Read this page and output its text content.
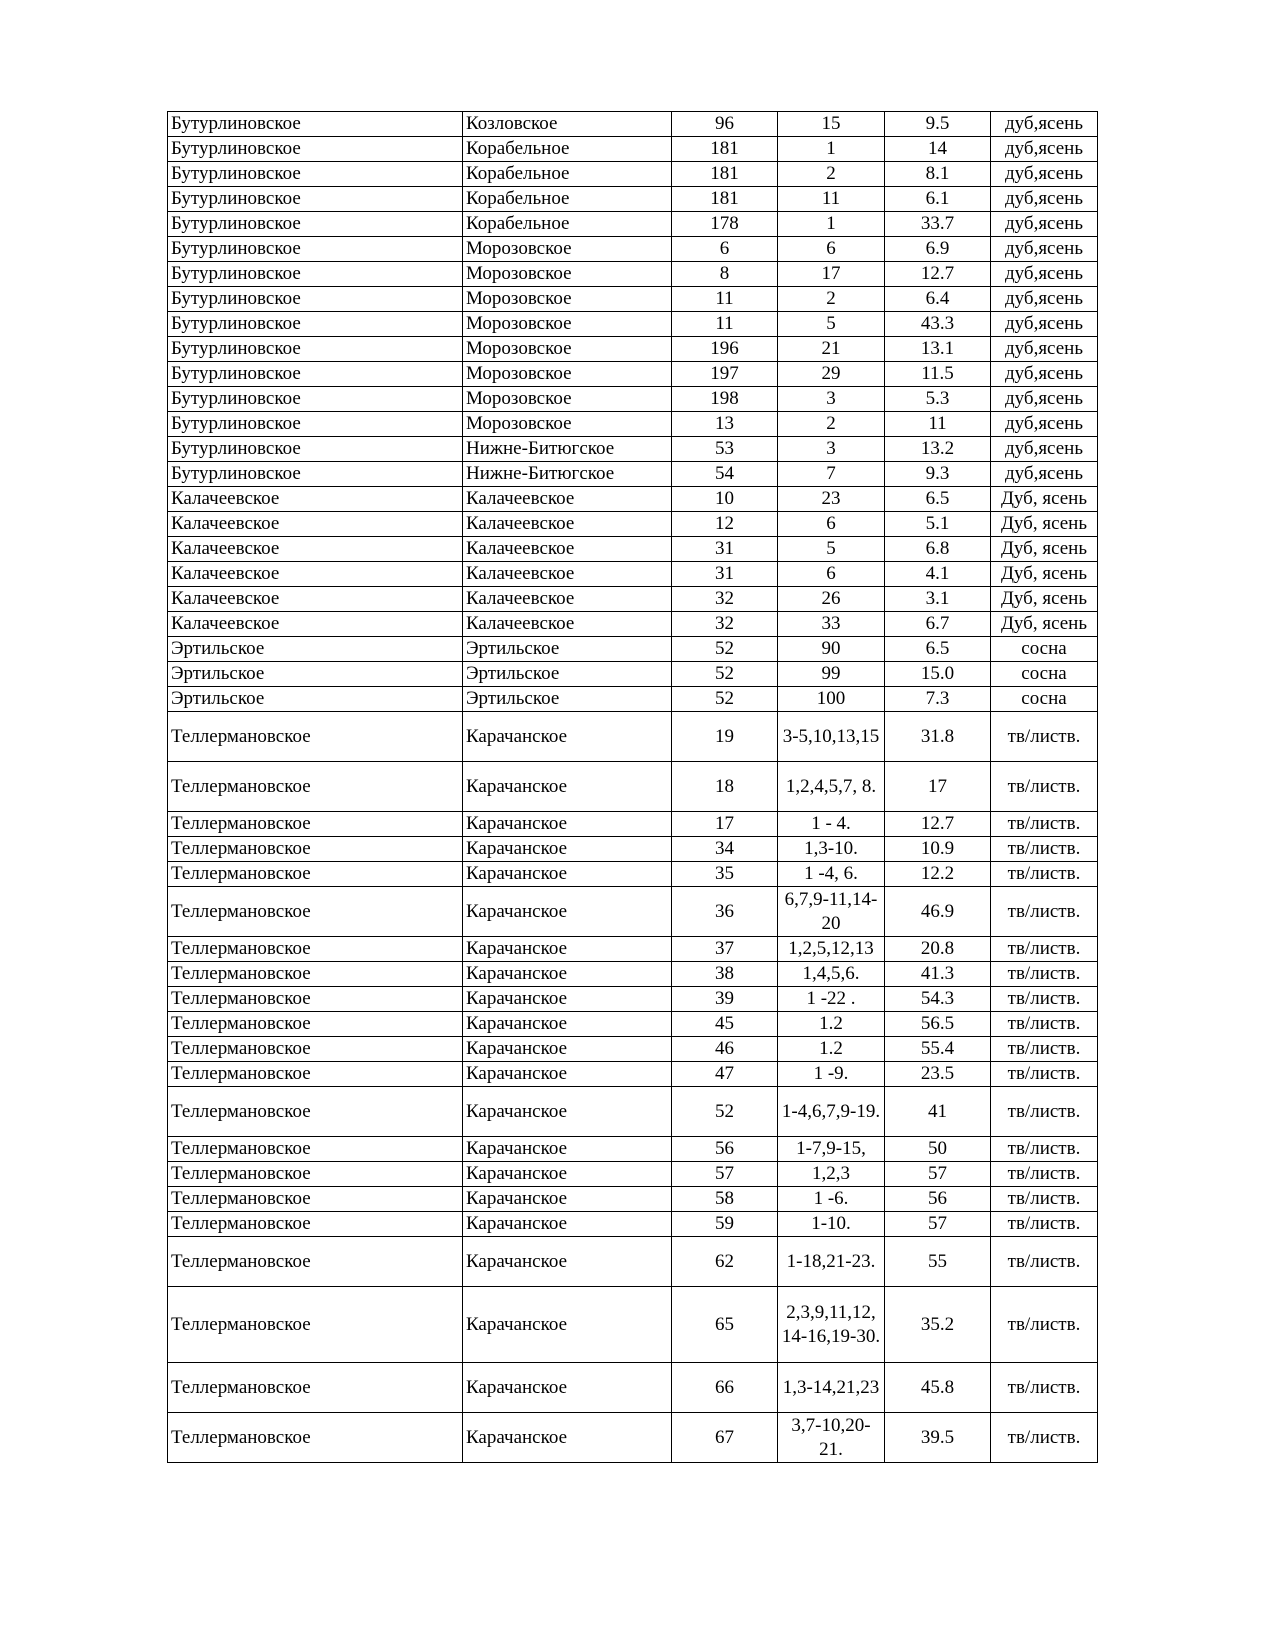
Бутурлиновское	Козловское	96	15	9.5	дуб,ясень
Бутурлиновское	Корабельное	181	1	14	дуб,ясень
Бутурлиновское	Корабельное	181	2	8.1	дуб,ясень
Бутурлиновское	Корабельное	181	11	6.1	дуб,ясень
Бутурлиновское	Корабельное	178	1	33.7	дуб,ясень
Бутурлиновское	Морозовское	6	6	6.9	дуб,ясень
Бутурлиновское	Морозовское	8	17	12.7	дуб,ясень
Бутурлиновское	Морозовское	11	2	6.4	дуб,ясень
Бутурлиновское	Морозовское	11	5	43.3	дуб,ясень
Бутурлиновское	Морозовское	196	21	13.1	дуб,ясень
Бутурлиновское	Морозовское	197	29	11.5	дуб,ясень
Бутурлиновское	Морозовское	198	3	5.3	дуб,ясень
Бутурлиновское	Морозовское	13	2	11	дуб,ясень
Бутурлиновское	Нижне-Битюгское	53	3	13.2	дуб,ясень
Бутурлиновское	Нижне-Битюгское	54	7	9.3	дуб,ясень
Калачеевское	Калачеевское	10	23	6.5	Дуб, ясень
Калачеевское	Калачеевское	12	6	5.1	Дуб, ясень
Калачеевское	Калачеевское	31	5	6.8	Дуб, ясень
Калачеевское	Калачеевское	31	6	4.1	Дуб, ясень
Калачеевское	Калачеевское	32	26	3.1	Дуб, ясень
Калачеевское	Калачеевское	32	33	6.7	Дуб, ясень
Эртильское	Эртильское	52	90	6.5	сосна
Эртильское	Эртильское	52	99	15.0	сосна
Эртильское	Эртильское	52	100	7.3	сосна
Теллермановское	Карачанское	19	3-5,10,13,15	31.8	тв/листв.
Теллермановское	Карачанское	18	1,2,4,5,7, 8.	17	тв/листв.
Теллермановское	Карачанское	17	1 - 4.	12.7	тв/листв.
Теллермановское	Карачанское	34	1,3-10.	10.9	тв/листв.
Теллермановское	Карачанское	35	1 -4, 6.	12.2	тв/листв.
Теллермановское	Карачанское	36	6,7,9-11,14-20	46.9	тв/листв.
Теллермановское	Карачанское	37	1,2,5,12,13	20.8	тв/листв.
Теллермановское	Карачанское	38	1,4,5,6.	41.3	тв/листв.
Теллермановское	Карачанское	39	1 -22 .	54.3	тв/листв.
Теллермановское	Карачанское	45	1.2	56.5	тв/листв.
Теллермановское	Карачанское	46	1.2	55.4	тв/листв.
Теллермановское	Карачанское	47	1 -9.	23.5	тв/листв.
Теллермановское	Карачанское	52	1-4,6,7,9-19.	41	тв/листв.
Теллермановское	Карачанское	56	1-7,9-15,	50	тв/листв.
Теллермановское	Карачанское	57	1,2,3	57	тв/листв.
Теллермановское	Карачанское	58	1 -6.	56	тв/листв.
Теллермановское	Карачанское	59	1-10.	57	тв/листв.
Теллермановское	Карачанское	62	1-18,21-23.	55	тв/листв.
Теллермановское	Карачанское	65	2,3,9,11,12, 14-16,19-30.	35.2	тв/листв.
Теллермановское	Карачанское	66	1,3-14,21,23	45.8	тв/листв.
Теллермановское	Карачанское	67	3,7-10,20-21.	39.5	тв/листв.
